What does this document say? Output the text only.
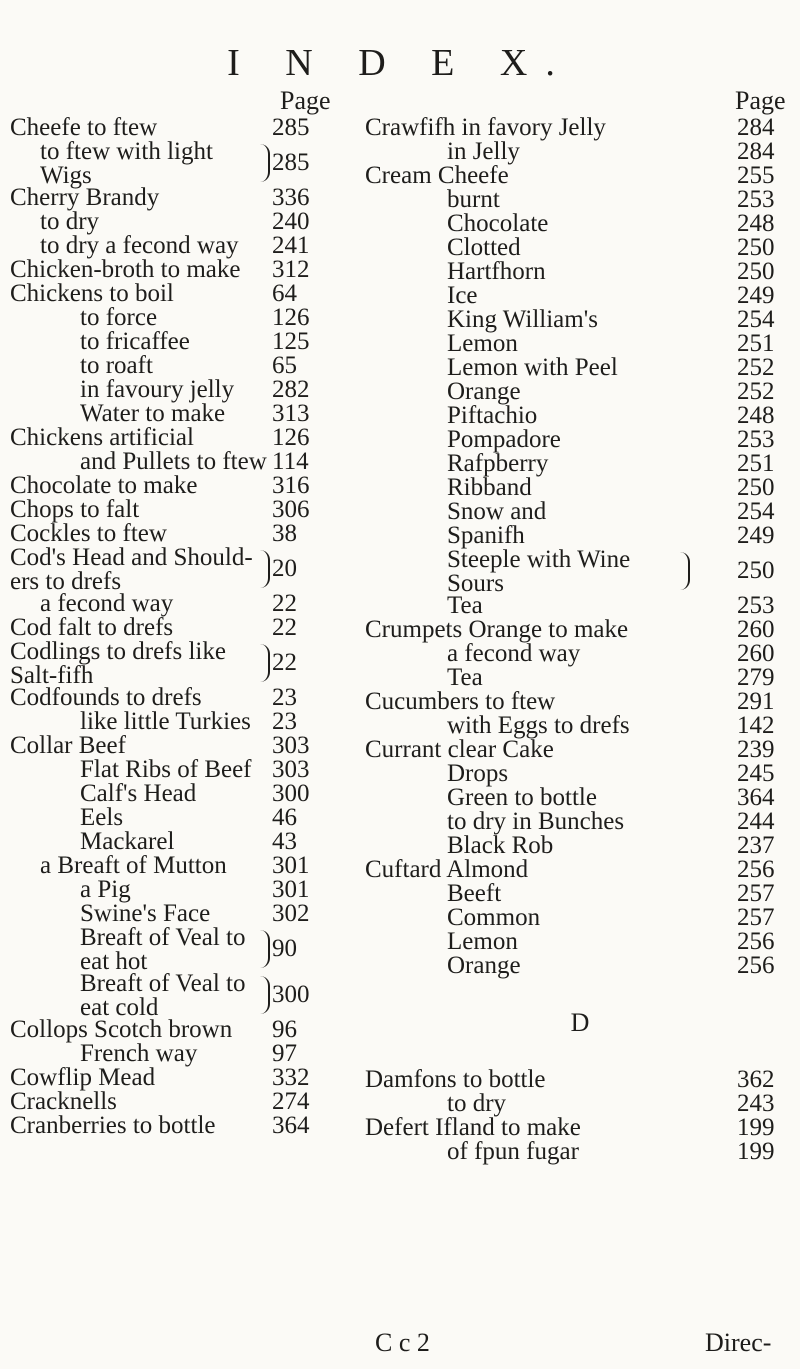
I N D E X.
Page
Cheefe to ftew	285
to ftew with light
Wigs	285
Cherry Brandy	336
to dry	240
to dry a fecond way 241
Chicken-broth to make 312
Chickens to boil	64
to force	126
to fricaffee	125
to roaft	65
in favoury jelly 282
Water to make 313
Chickens artificial	126
and Pullets to ftew 114
Chocolate to make	316
Chops to falt	306
Cockles to ftew	38
Cod's Head and Should-
ers to drefs	20
a fecond way	22
Cod falt to drefs	22
Codlings to drefs like
Salt-fifh	22
Codfounds to drefs	23
like little Turkies 23
Collar Beef	303
Flat Ribs of Beef 303
Calf's Head	300
Eels	46
Mackarel	43
a Breaft of Mutton 301
a Pig	301
Swine's Face 302
Breaft of Veal to
eat hot	90
Breaft of Veal to
eat cold	300
Collops Scotch brown 96
French way	97
Cowflip Mead	332
Cracknells	274
Cranberries to bottle 364
Page
Crawfifh in favory Jelly	284
in Jelly	284
Cream Cheefe	255
burnt	253
Chocolate	248
Clotted	250
Hartfhorn	250
Ice	249
King William's	254
Lemon	251
Lemon with Peel	252
Orange	252
Piftachio	248
Pompadore	253
Rafpberry	251
Ribband	250
Snow and	254
Spanifh	249
Steeple with Wine
Sours	250
Tea	253
Crumpets Orange to make	260
a fecond way	260
Tea	279
Cucumbers to ftew	291
with Eggs to drefs	142
Currant clear Cake	239
Drops	245
Green to bottle	364
to dry in Bunches	244
Black Rob	237
Cuftard Almond	256
Beeft	257
Common	257
Lemon	256
Orange	256
D
Damfons to bottle	362
to dry	243
Defert Ifland to make	199
of fpun fugar	199
C c 2	Direc-
